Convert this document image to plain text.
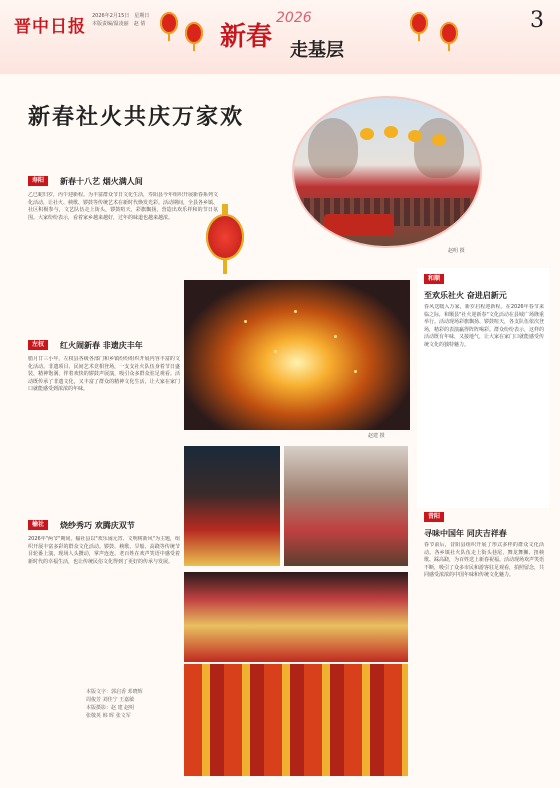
晋中日报
2026年2月15日 星期日
本版责编/温凌丽 赵 倩	新春
2026
走基层
3
新春社火共庆万家欢
赵明 摄
寿阳	新春十八艺 烟火满人间
乙巳蛇归岁，丙午迎新程。为丰富群众节日文化生活，寿阳县今年组织开展新春系列文化活动，让社火、秧歌、锣鼓等传统艺术在新时代焕发光彩。活动期间，全县各乡镇、社区积极参与，文艺队伍走上街头，锣鼓喧天，彩旗飘扬，营造出欢乐祥和的节日氛围。大家纷纷表示，看着家乡越来越好，过年的味道也越来越浓。
赵建 摄
左权	红火闹新春 非遗庆丰年
腊月廿三小年，左权县各级各部门和乡镇纷纷组织开展内容丰富的文化活动。非遗项目、民间艺术竞相登场，一支支社火队伍身着节日盛装，精神饱满，伴着欢快的锣鼓声展演，吸引众多群众驻足观看。活动既传承了非遗文化，又丰富了群众的精神文化生活，让大家在家门口就能感受到浓浓的年味。
榆社	烧纱秀巧 欢腾庆双节
2026年"两节"期间，榆社县以"欢乐闹元宵、文明树新风"为主题，组织开展丰富多彩的群众文化活动。锣鼓、秧歌、旱船、高跷等传统节目轮番上演，现场人头攒动，掌声连连。老百姓在欢声笑语中感受着新时代的幸福生活，也让传统民俗文化得到了更好的传承与发展。
和顺
至欢乐社火 奋进启新元
春风送暖入万家，新岁启程迎新程。在2026年春节来临之际，和顺县"社火迎新春"文化活动在县城广场隆重举行。活动现场彩旗飘扬、锣鼓喧天，各支队伍依次登场，精彩的表演赢得阵阵喝彩。群众纷纷表示，这样的活动既有年味，又接地气，让大家在家门口就能感受传统文化的独特魅力。
昔阳
寻味中国年 同庆吉祥春
春节前后，昔阳县组织开展了形式多样的群众文化活动。各乡镇社火队伍走上街头巷尾，舞龙舞狮、扭秧歌、踩高跷，为百姓送上新春祝福。活动现场欢声笑语不断，吸引了众多市民和游客驻足观看，拍照留念，共同感受浓浓的中国年味和传统文化魅力。
本版文字：郭启香 邓晓辉
周俊芳 刘佳宁 王嘉敏
本版摄影：赵 建 赵明
张敬英 韩 晖 张文军
